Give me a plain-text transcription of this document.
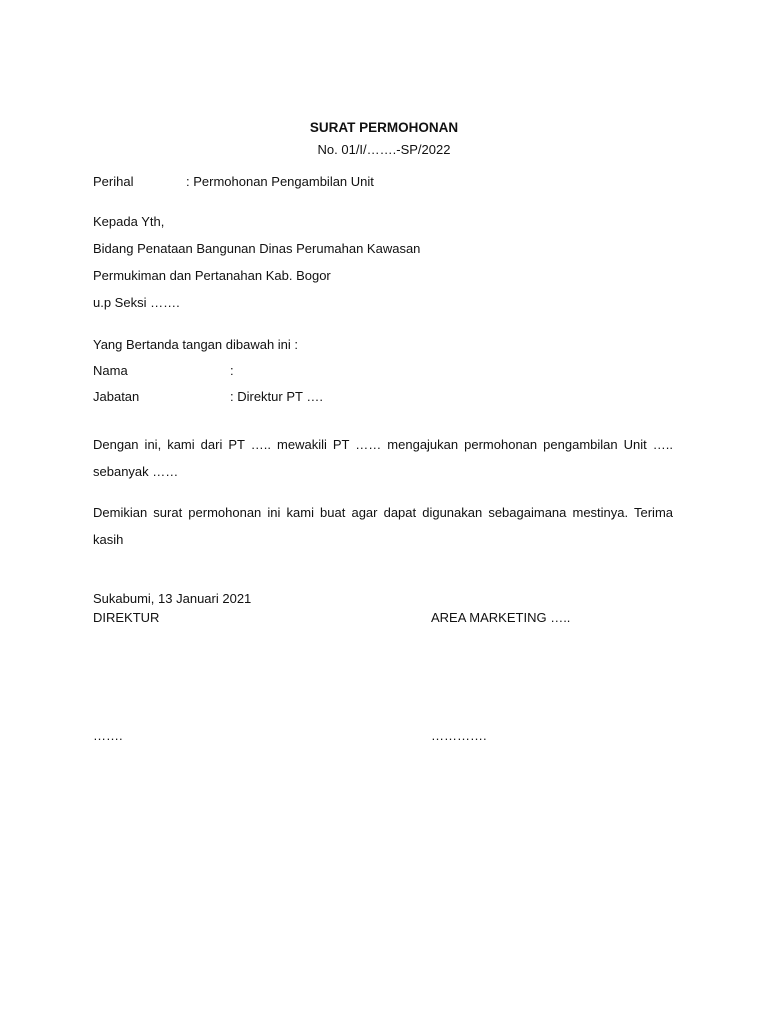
SURAT PERMOHONAN
No. 01/I/…….-SP/2022
Perihal	: Permohonan Pengambilan Unit
Kepada Yth,
Bidang Penataan Bangunan Dinas Perumahan Kawasan
Permukiman dan Pertanahan Kab. Bogor
u.p Seksi …….
Yang Bertanda tangan dibawah ini :
Nama	:
Jabatan	: Direktur PT ….
Dengan ini, kami dari PT ….. mewakili PT …… mengajukan permohonan pengambilan Unit ….. sebanyak ……
Demikian surat permohonan ini kami buat agar dapat digunakan sebagaimana mestinya. Terima kasih
Sukabumi, 13 Januari 2021
DIREKTUR	AREA MARKETING …..
…….	………….
